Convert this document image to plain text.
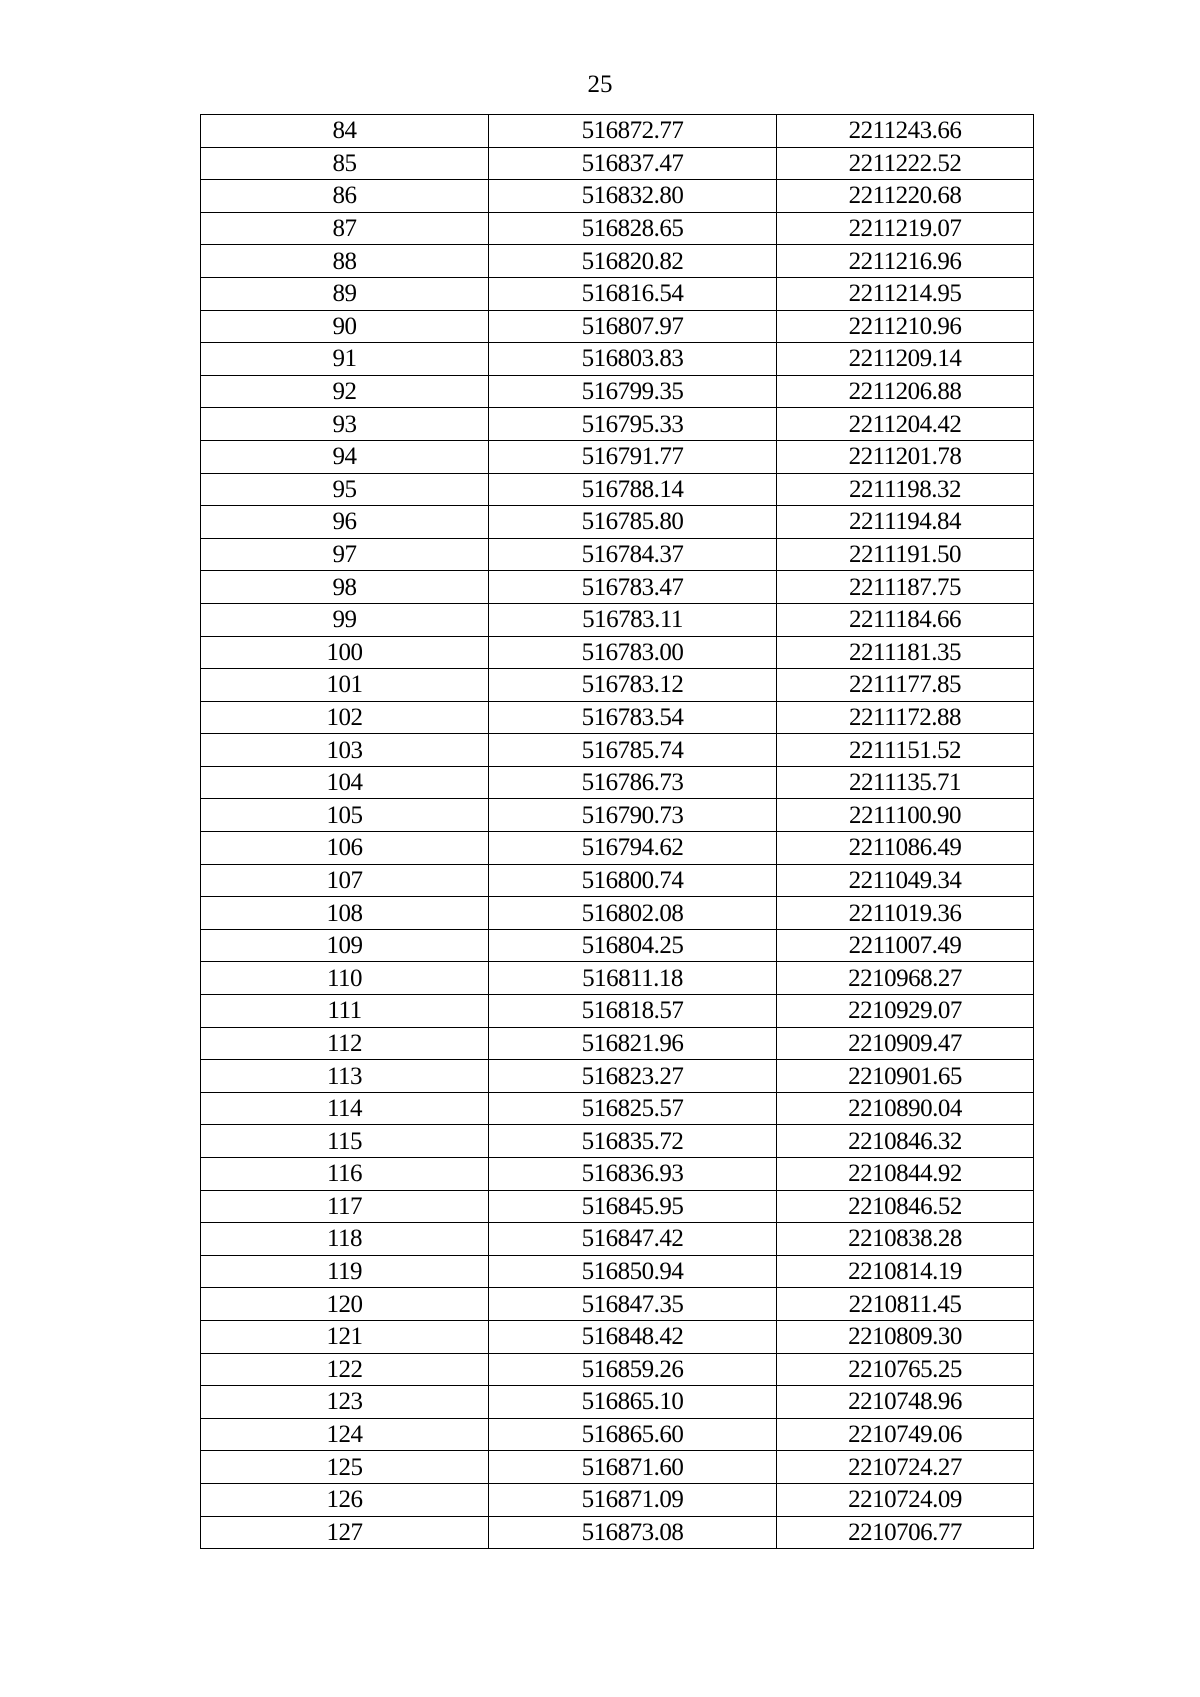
25
84	516872.77	2211243.66
85	516837.47	2211222.52
86	516832.80	2211220.68
87	516828.65	2211219.07
88	516820.82	2211216.96
89	516816.54	2211214.95
90	516807.97	2211210.96
91	516803.83	2211209.14
92	516799.35	2211206.88
93	516795.33	2211204.42
94	516791.77	2211201.78
95	516788.14	2211198.32
96	516785.80	2211194.84
97	516784.37	2211191.50
98	516783.47	2211187.75
99	516783.11	2211184.66
100	516783.00	2211181.35
101	516783.12	2211177.85
102	516783.54	2211172.88
103	516785.74	2211151.52
104	516786.73	2211135.71
105	516790.73	2211100.90
106	516794.62	2211086.49
107	516800.74	2211049.34
108	516802.08	2211019.36
109	516804.25	2211007.49
110	516811.18	2210968.27
111	516818.57	2210929.07
112	516821.96	2210909.47
113	516823.27	2210901.65
114	516825.57	2210890.04
115	516835.72	2210846.32
116	516836.93	2210844.92
117	516845.95	2210846.52
118	516847.42	2210838.28
119	516850.94	2210814.19
120	516847.35	2210811.45
121	516848.42	2210809.30
122	516859.26	2210765.25
123	516865.10	2210748.96
124	516865.60	2210749.06
125	516871.60	2210724.27
126	516871.09	2210724.09
127	516873.08	2210706.77
